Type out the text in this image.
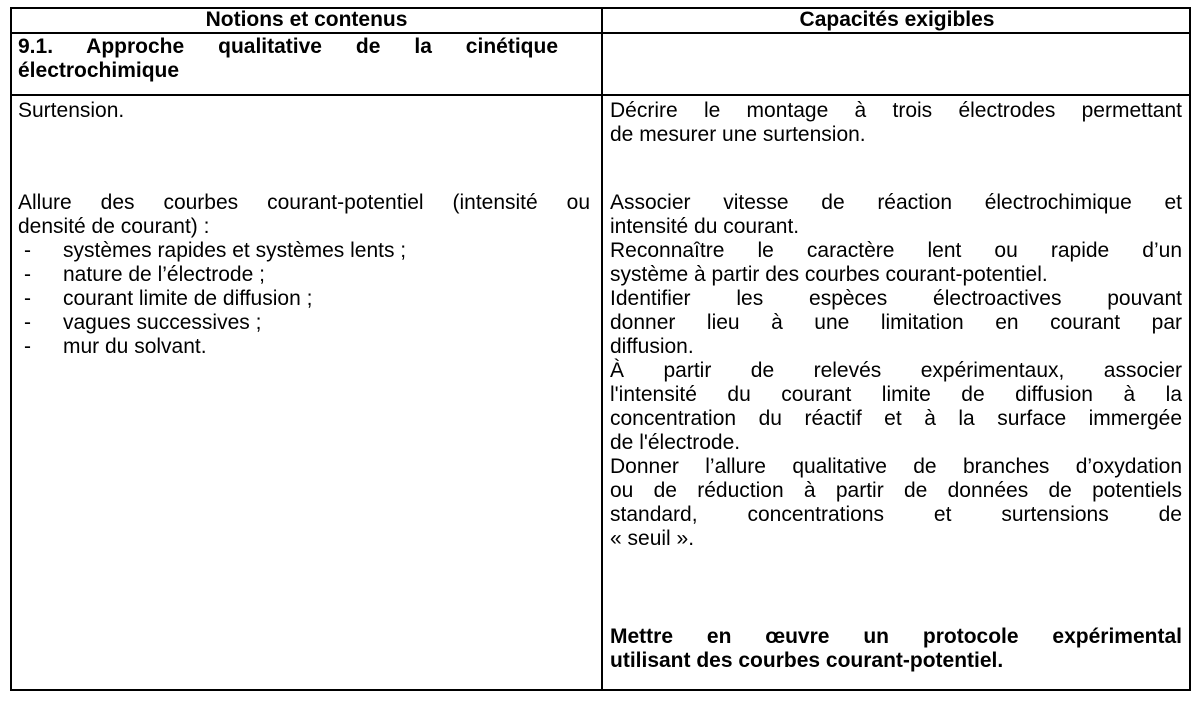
Notions et contenus	Capacités exigibles
9.1. Approche qualitative de la cinétique
électrochimique
Surtension.
Allure des courbes courant-potentiel (intensité ou
densité de courant) :
- systèmes rapides et systèmes lents ;
- nature de l’électrode ;
- courant limite de diffusion ;
- vagues successives ;
- mur du solvant.
Décrire le montage à trois électrodes permettant
de mesurer une surtension.
Associer vitesse de réaction électrochimique et
intensité du courant.
Reconnaître le caractère lent ou rapide d’un
système à partir des courbes courant-potentiel.
Identifier les espèces électroactives pouvant
donner lieu à une limitation en courant par
diffusion.
À partir de relevés expérimentaux, associer
l'intensité du courant limite de diffusion à la
concentration du réactif et à la surface immergée
de l'électrode.
Donner l’allure qualitative de branches d’oxydation
ou de réduction à partir de données de potentiels
standard, concentrations et surtensions de
« seuil ».
Mettre en œuvre un protocole expérimental
utilisant des courbes courant-potentiel.
